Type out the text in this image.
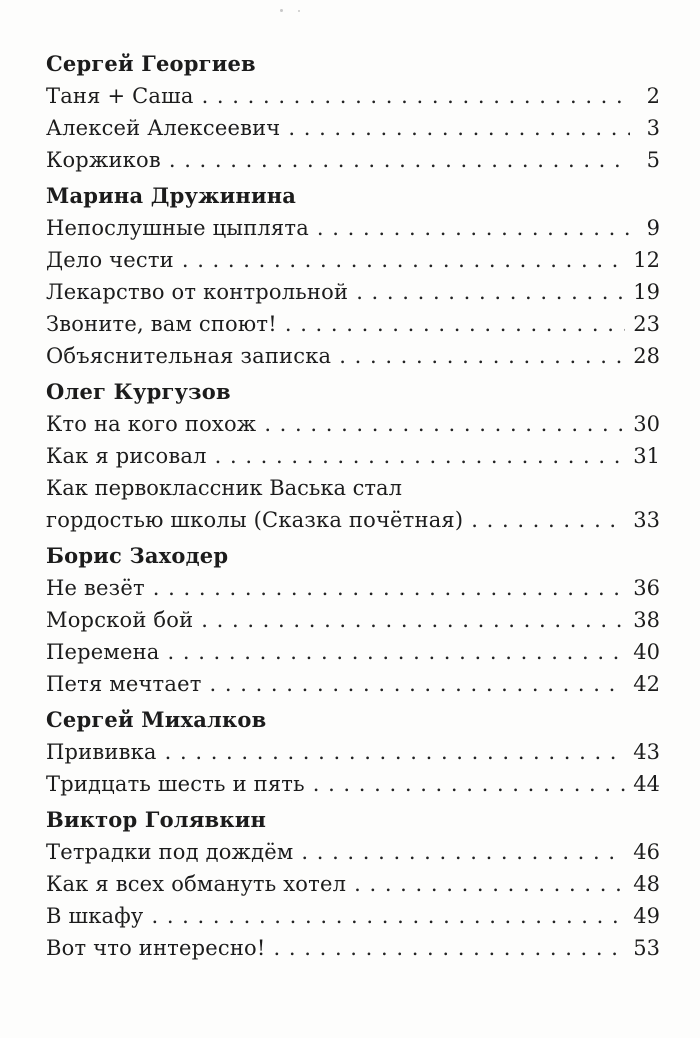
Сергей Георгиев
Таня + Саша . . .	2
Алексей Алексеевич . . .	3
Коржиков . . .	5
Марина Дружинина
Непослушные цыплята . . .	9
Дело чести . . .	12
Лекарство от контрольной . . .	19
Звоните, вам споют! . . .	23
Объяснительная записка . . .	28
Олег Кургузов
Кто на кого похож . . .	30
Как я рисовал . . .	31
Как первоклассник Васька стал
гордостью школы (Сказка почётная) . . .	33
Борис Заходер
Не везёт . . .	36
Морской бой . . .	38
Перемена . . .	40
Петя мечтает . . .	42
Сергей Михалков
Прививка . . .	43
Тридцать шесть и пять . . .	44
Виктор Голявкин
Тетрадки под дождём . . .	46
Как я всех обмануть хотел . . .	48
В шкафу . . .	49
Вот что интересно! . . .	53
